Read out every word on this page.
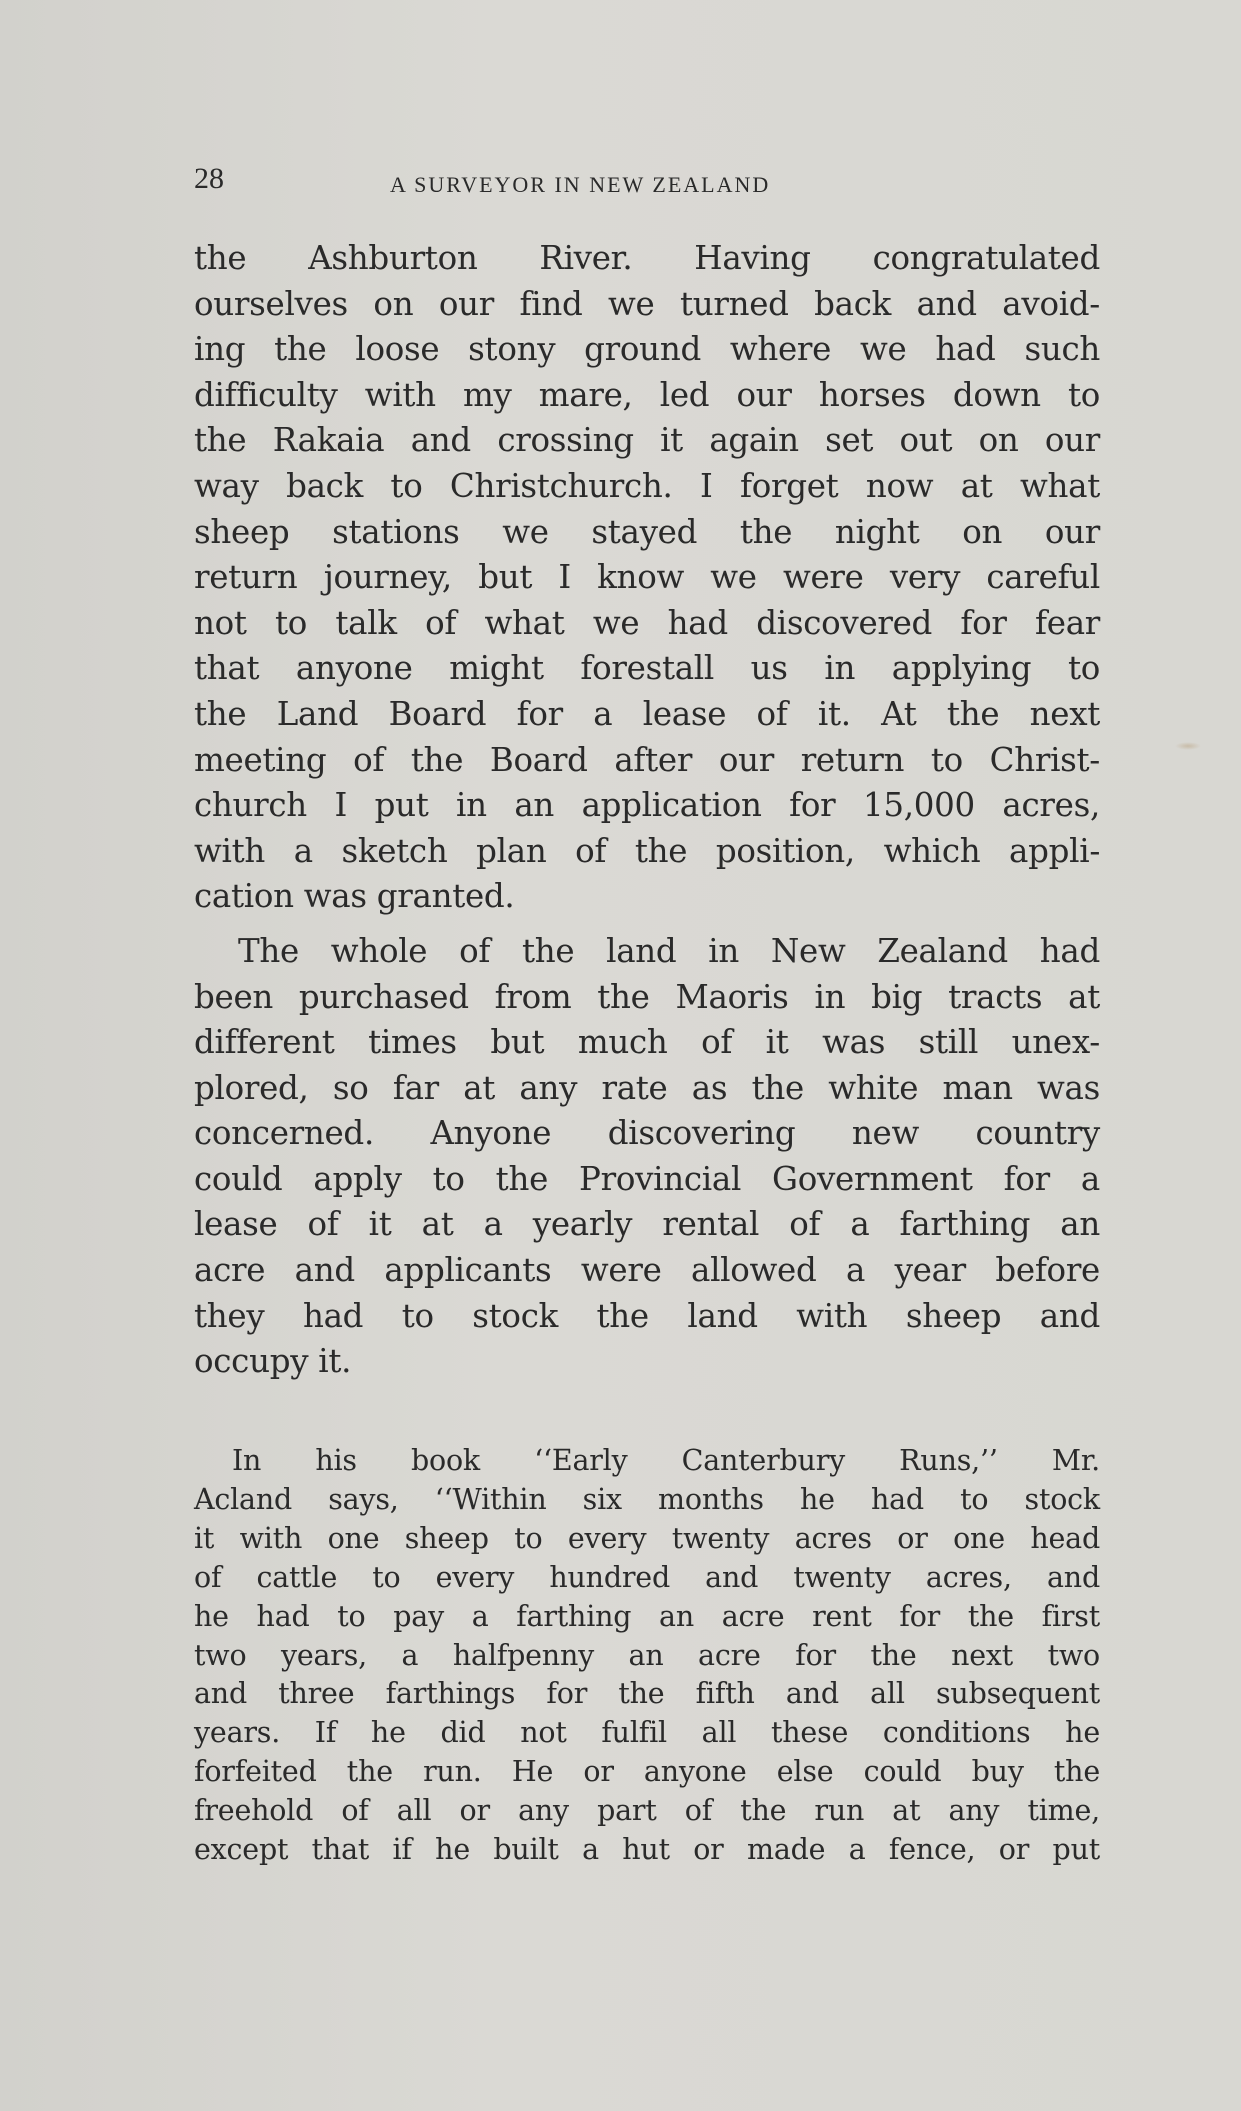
28	A SURVEYOR IN NEW ZEALAND

the Ashburton River. Having congratulated
ourselves on our find we turned back and avoid-
ing the loose stony ground where we had such
difficulty with my mare, led our horses down to
the Rakaia and crossing it again set out on our
way back to Christchurch. I forget now at what
sheep stations we stayed the night on our
return journey, but I know we were very careful
not to talk of what we had discovered for fear
that anyone might forestall us in applying to
the Land Board for a lease of it. At the next
meeting of the Board after our return to Christ-
church I put in an application for 15,000 acres,
with a sketch plan of the position, which appli-
cation was granted.

The whole of the land in New Zealand had
been purchased from the Maoris in big tracts at
different times but much of it was still unex-
plored, so far at any rate as the white man was
concerned. Anyone discovering new country
could apply to the Provincial Government for a
lease of it at a yearly rental of a farthing an
acre and applicants were allowed a year before
they had to stock the land with sheep and
occupy it.

In his book ‘‘Early Canterbury Runs,’’ Mr.
Acland says, ‘‘Within six months he had to stock
it with one sheep to every twenty acres or one head
of cattle to every hundred and twenty acres, and
he had to pay a farthing an acre rent for the first
two years, a halfpenny an acre for the next two
and three farthings for the fifth and all subsequent
years. If he did not fulfil all these conditions he
forfeited the run. He or anyone else could buy the
freehold of all or any part of the run at any time,
except that if he built a hut or made a fence, or put
